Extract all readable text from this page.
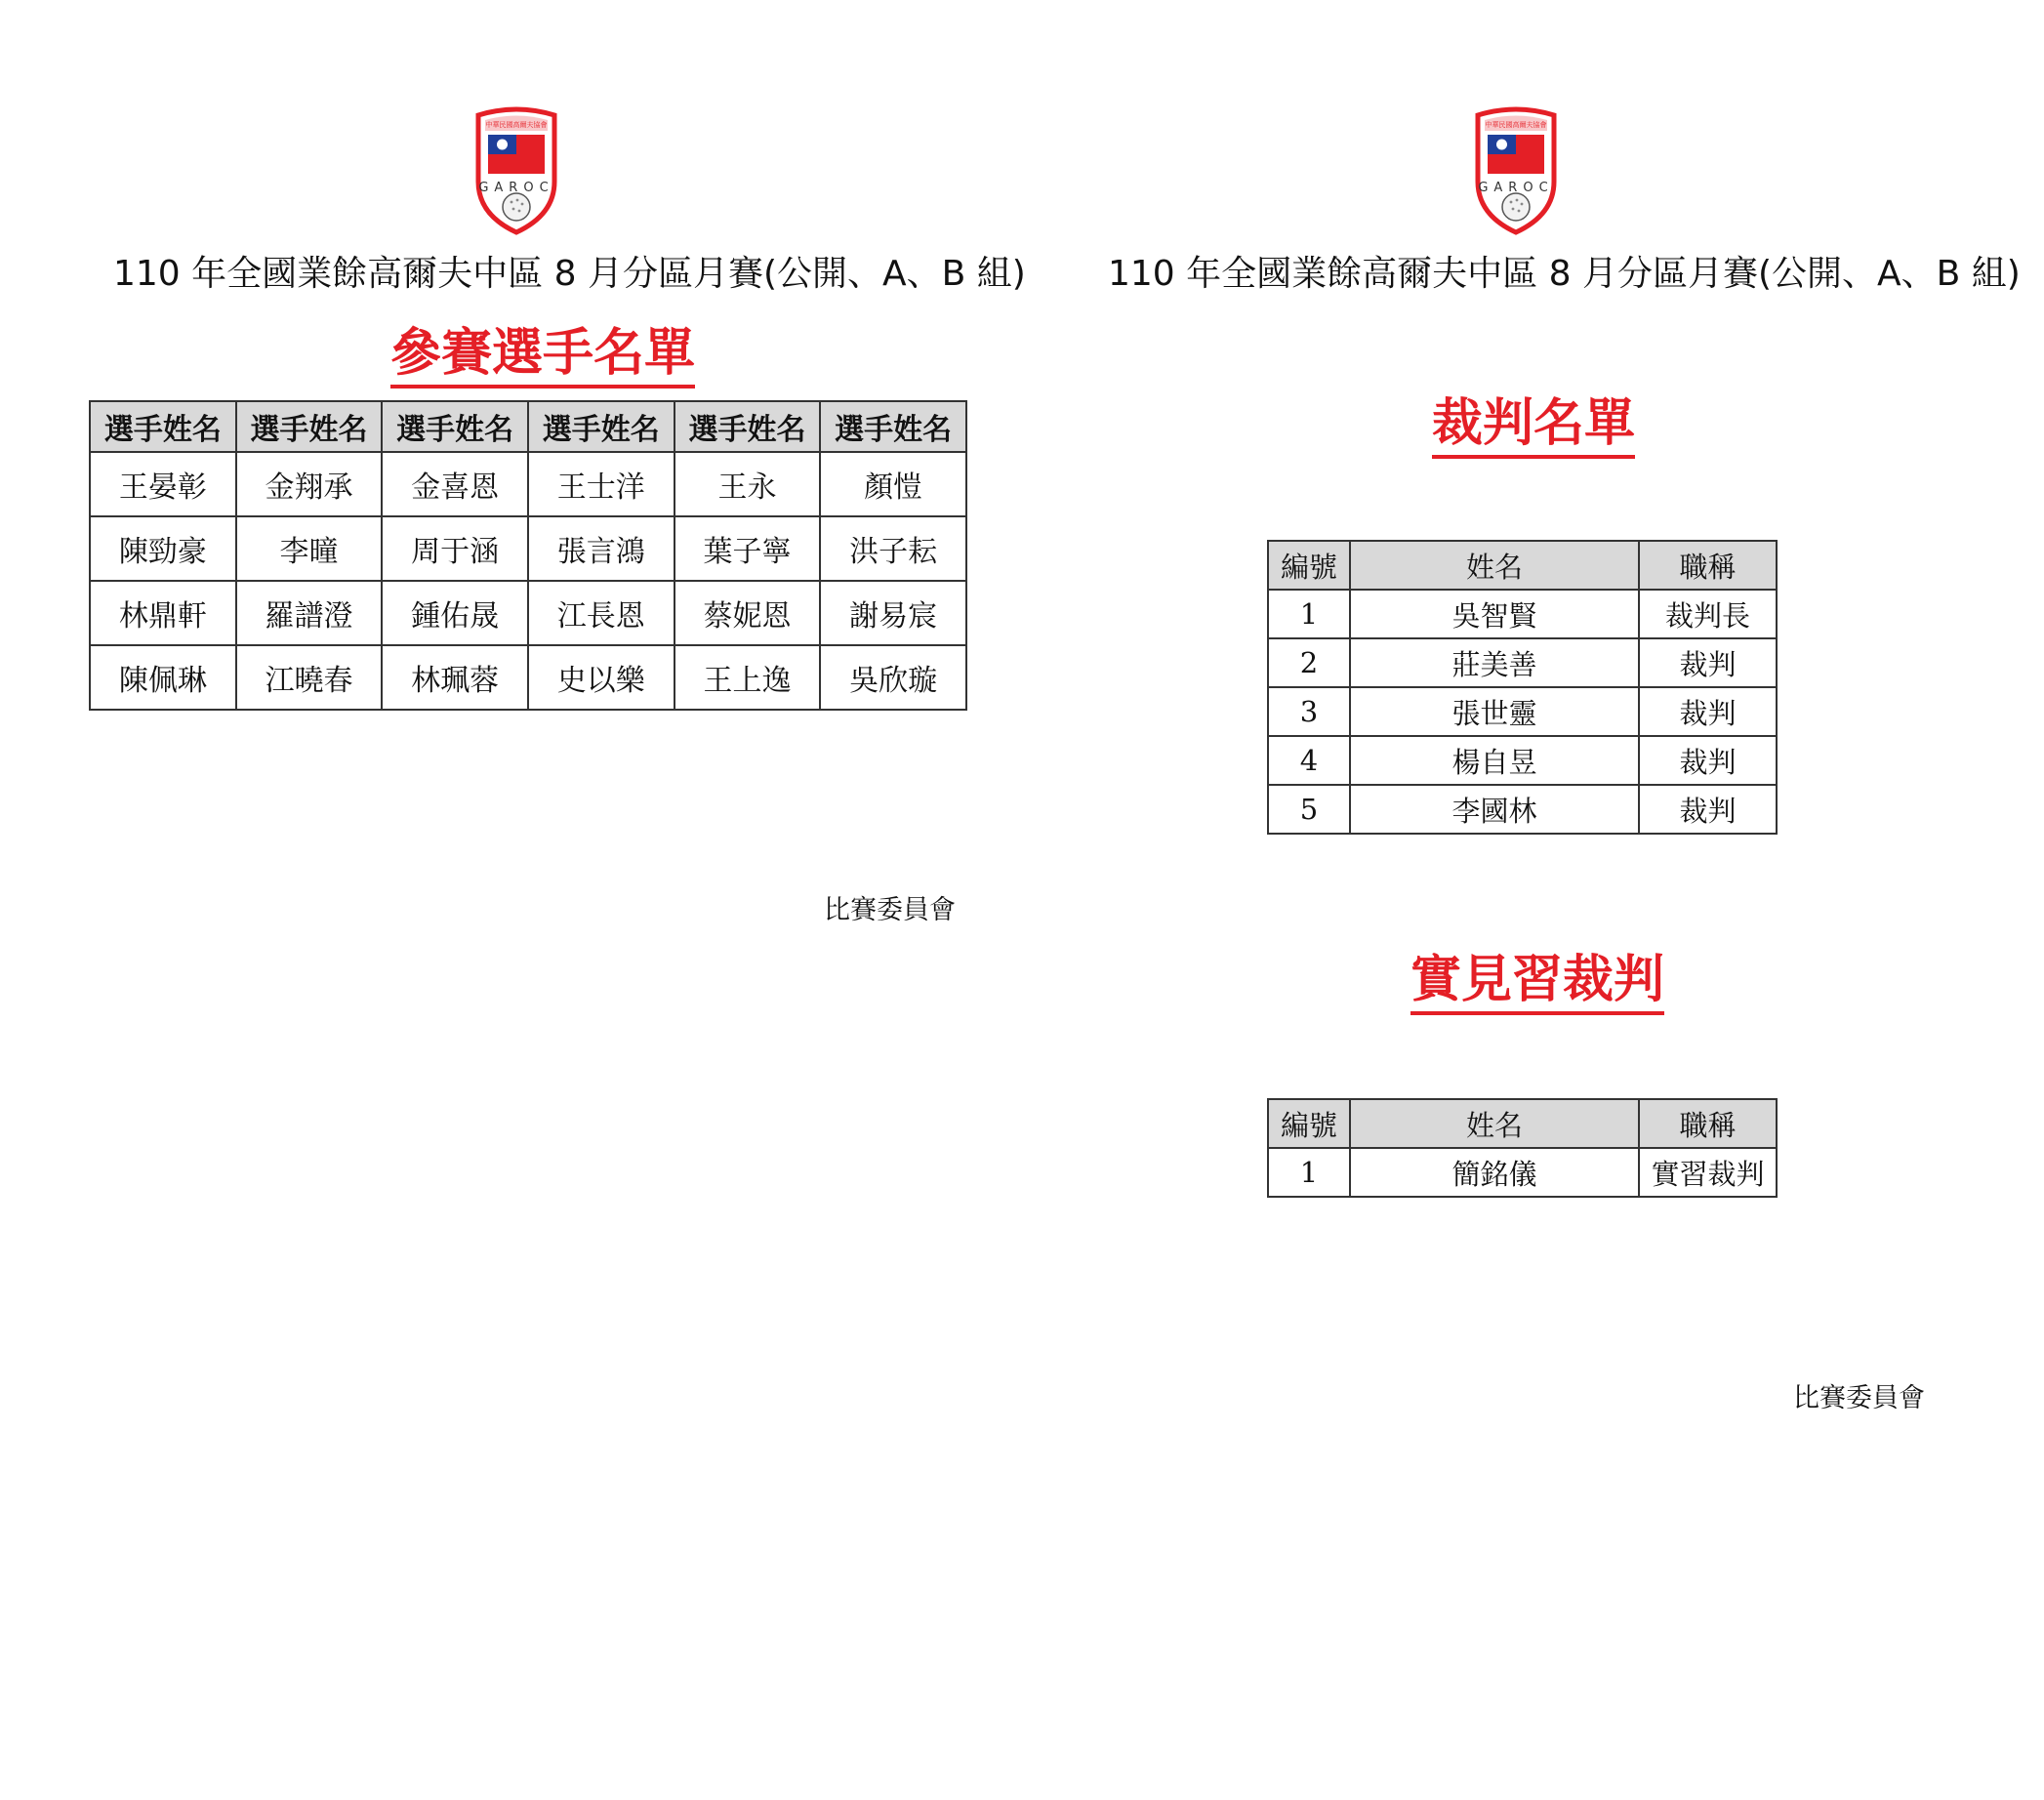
中華民國高爾夫協會
GAROC
110 年全國業餘高爾夫中區 8 月分區月賽(公開、A、B 組)
參賽選手名單
選手姓名	選手姓名	選手姓名	選手姓名	選手姓名	選手姓名
王晏彰	金翔承	金喜恩	王士洋	王永	顏愷
陳勁豪	李曈	周于涵	張言鴻	葉子寧	洪子耘
林鼎軒	羅譜澄	鍾佑晟	江長恩	蔡妮恩	謝易宸
陳佩琳	江曉春	林珮蓉	史以樂	王上逸	吳欣璇
比賽委員會
中華民國高爾夫協會
GAROC
110 年全國業餘高爾夫中區 8 月分區月賽(公開、A、B 組)
裁判名單
編號	姓名	職稱
1	吳智賢	裁判長
2	莊美善	裁判
3	張世靈	裁判
4	楊自昱	裁判
5	李國林	裁判
實見習裁判
編號	姓名	職稱
1	簡銘儀	實習裁判
比賽委員會
